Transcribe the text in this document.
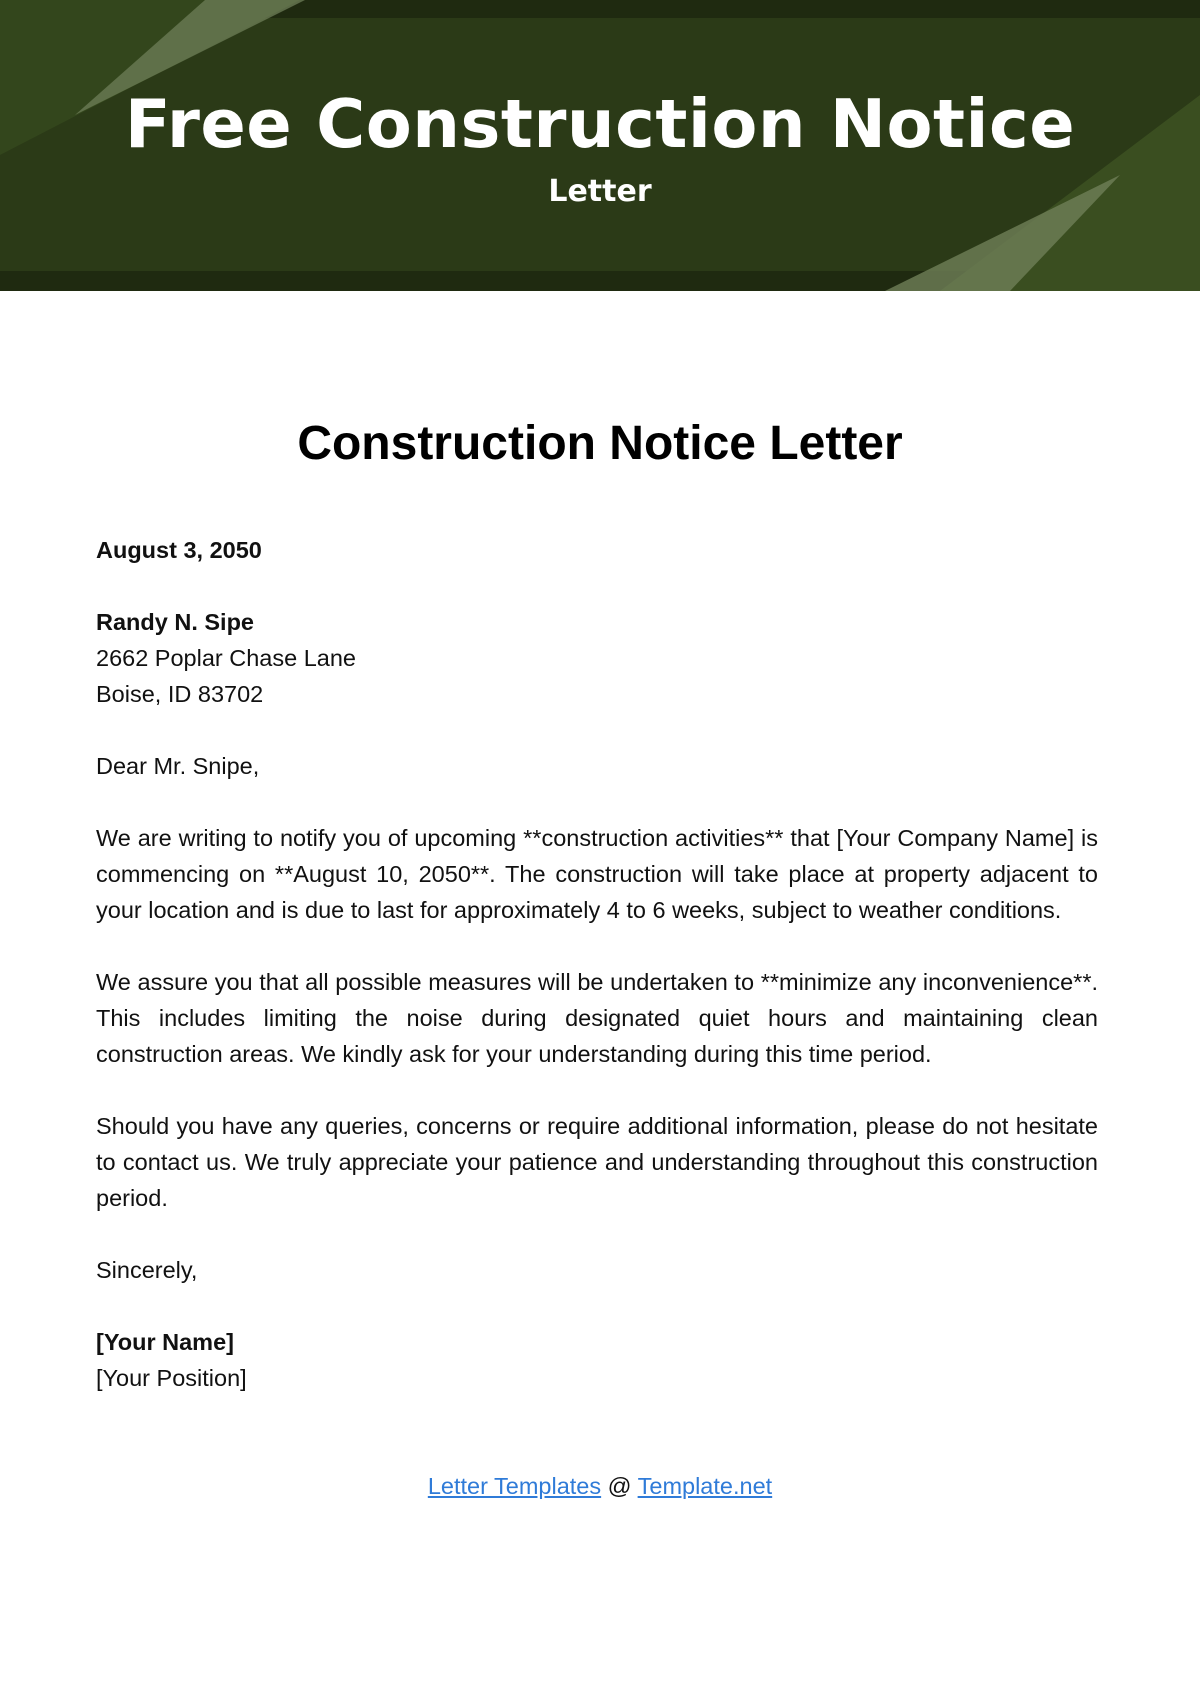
Free Construction Notice
Letter
Construction Notice Letter

August 3, 2050

Randy N. Sipe

2662 Poplar Chase Lane

Boise, ID 83702

Dear Mr. Snipe,

We are writing to notify you of upcoming **construction activities** that [Your Company Name] is commencing on **August 10, 2050**. The construction will take place at property adjacent to your location and is due to last for approximately 4 to 6 weeks, subject to weather conditions.

We assure you that all possible measures will be undertaken to **minimize any inconvenience**. This includes limiting the noise during designated quiet hours and maintaining clean construction areas. We kindly ask for your understanding during this time period.

Should you have any queries, concerns or require additional information, please do not hesitate to contact us. We truly appreciate your patience and understanding throughout this construction period.

Sincerely,

[Your Name]

[Your Position]

Letter Templates @ Template.net
